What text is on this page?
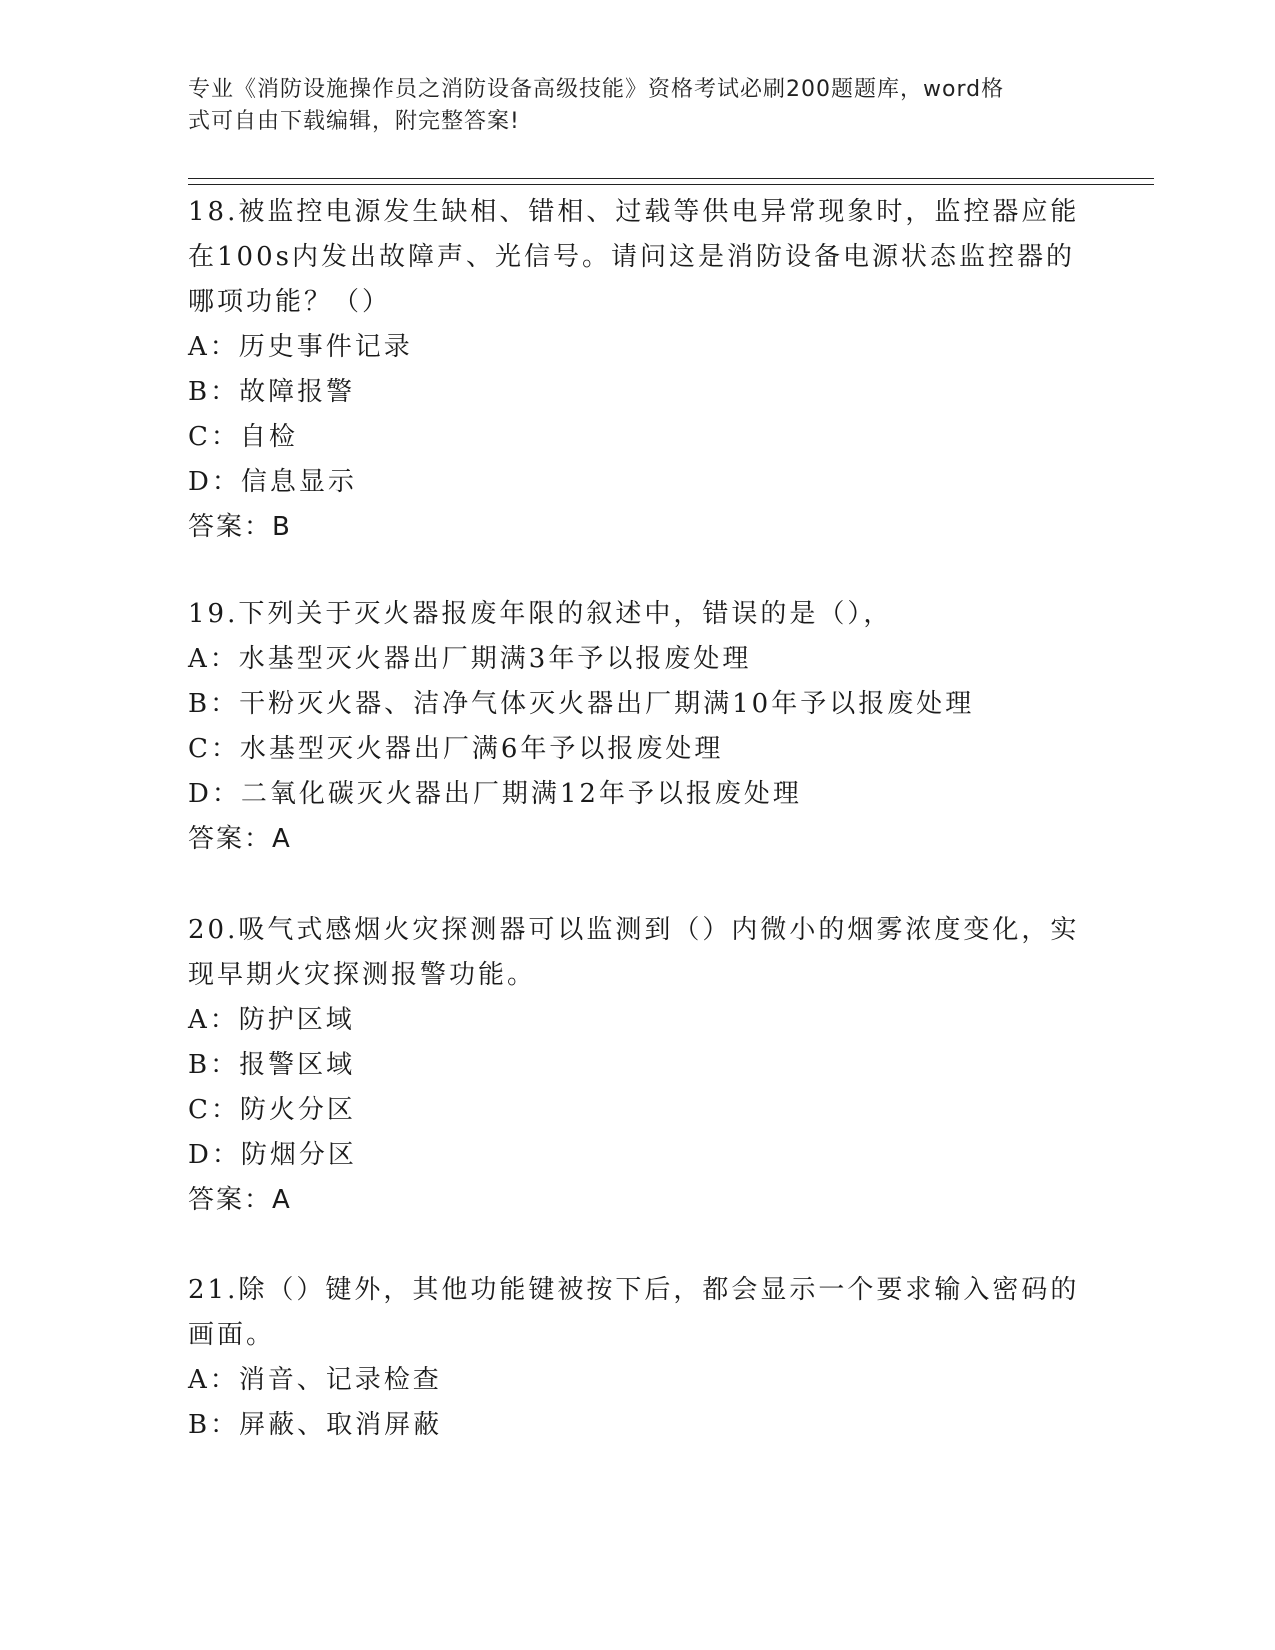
专业《消防设施操作员之消防设备高级技能》资格考试必刷200题题库，word格
式可自由下载编辑，附完整答案!

18.被监控电源发生缺相、错相、过载等供电异常现象时，监控器应能在100s内发出故障声、光信号。请问这是消防设备电源状态监控器的哪项功能？（）

A：历史事件记录

B：故障报警

C：自检

D：信息显示

答案：B

19.下列关于灭火器报废年限的叙述中，错误的是（），

A：水基型灭火器出厂期满3年予以报废处理

B：干粉灭火器、洁净气体灭火器出厂期满10年予以报废处理

C：水基型灭火器出厂满6年予以报废处理

D：二氧化碳灭火器出厂期满12年予以报废处理

答案：A

20.吸气式感烟火灾探测器可以监测到（）内微小的烟雾浓度变化，实现早期火灾探测报警功能。

A：防护区域

B：报警区域

C：防火分区

D：防烟分区

答案：A

21.除（）键外，其他功能键被按下后，都会显示一个要求输入密码的画面。

A：消音、记录检查

B：屏蔽、取消屏蔽
